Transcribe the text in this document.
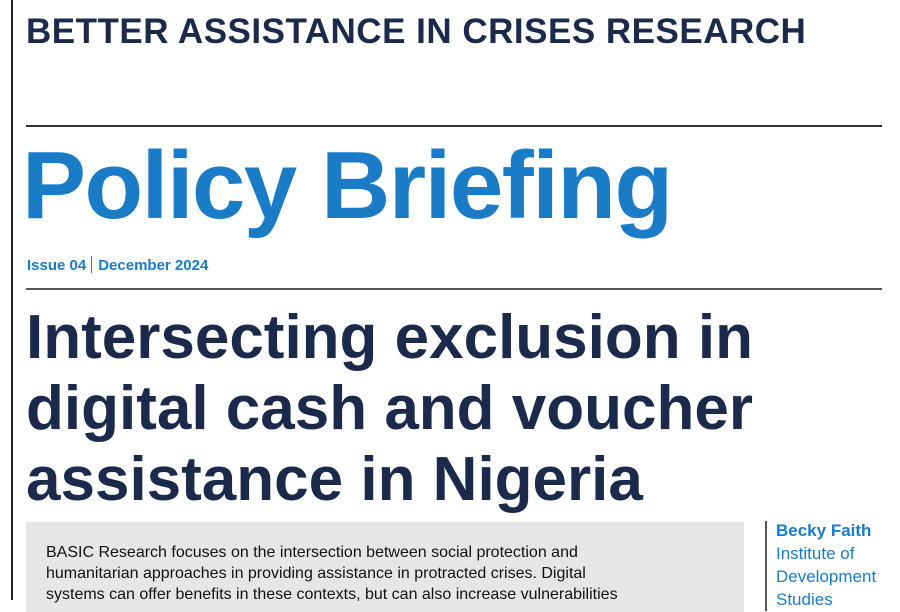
BETTER ASSISTANCE IN CRISES RESEARCH
Policy Briefing
Issue 04 December 2024
Intersecting exclusion in
digital cash and voucher
assistance in Nigeria
BASIC Research focuses on the intersection between social protection and
humanitarian approaches in providing assistance in protracted crises. Digital
systems can offer benefits in these contexts, but can also increase vulnerabilities
Becky Faith
Institute of
Development
Studies
